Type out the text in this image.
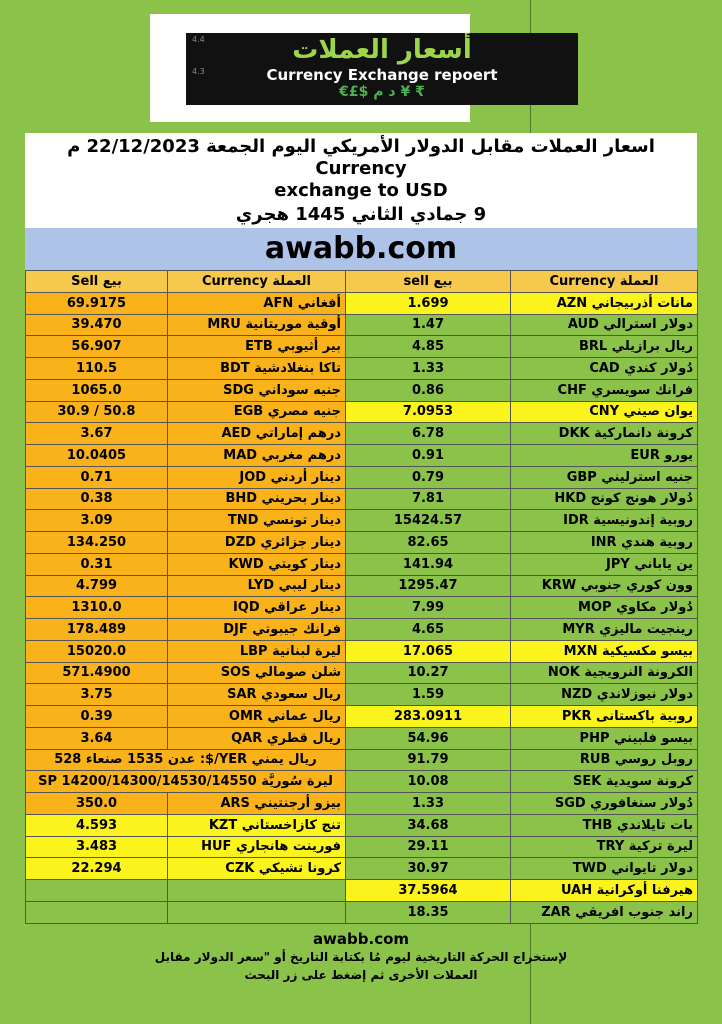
4.4
4.3
أسعار العملات
Currency Exchange repoert
€£$ د م ¥ ₹
اسعار العملات مقابل الدولار الأمريكي اليوم الجمعة 22/12/2023 م Currency
exchange to USD
9 جمادي الثاني 1445 هجري
awabb.com
بيع Sell	العملة Currency	بيع sell	العملة Currency
69.9175	أفغاني AFN	1.699	مانات أذربيجاني AZN
39.470	أوقية موريتانية MRU	1.47	دولار استرالي AUD
56.907	بير أثيوبي ETB	4.85	ريال برازيلي BRL
110.5	تاكا بنغلادشية BDT	1.33	دُولار كندي CAD
1065.0	جنيه سوداني SDG	0.86	فرانك سويسري CHF
30.9 / 50.8	جنيه مصري EGB	7.0953	يوان صيني CNY
3.67	درهم إماراتي AED	6.78	كرونة دانماركية DKK
10.0405	درهم مغربي MAD	0.91	يورو EUR
0.71	دينار أردني JOD	0.79	جنيه استرليني GBP
0.38	دينار بحريني BHD	7.81	دُولار هونج كونج HKD
3.09	دينار تونسي TND	15424.57	روبية إندونيسية IDR
134.250	دينار جزائري DZD	82.65	روبية هندي INR
0.31	دينار كويتي KWD	141.94	ين ياباني JPY
4.799	دينار ليبي LYD	1295.47	وون كوري جنوبي KRW
1310.0	دينار عراقي IQD	7.99	دُولار مكاوي MOP
178.489	فرانك جيبوتي DJF	4.65	رينجيت ماليزي MYR
15020.0	ليرة لبنانية LBP	17.065	بيسو مكسيكية MXN
571.4900	شلن صومالي SOS	10.27	الكرونة النرويجية NOK
3.75	ريال سعودي SAR	1.59	دولار نيوزلاندي NZD
0.39	ريال عماني OMR	283.0911	روبية باكستانى PKR
3.64	ريال قطري QAR	54.96	بيسو فلبيني PHP
ريال يمني YER/$: عدن 1535 صنعاء 528		91.79	روبل روسي RUB
ليرة سُوريَّة 14200/14300/14530/14550 SP		10.08	كرونة سويدية SEK
350.0	بيزو أرجنتيني ARS	1.33	دُولار سنغافوري SGD
4.593	تنج كازاخستاني KZT	34.68	بات تايلاندي THB
3.483	فورينت هانجاري HUF	29.11	ليرة تركية TRY
22.294	كرونا تشيكي CZK	30.97	دولار تايواني TWD
		37.5964	هيرفنا أوكرانية UAH
		18.35	راند جنوب افريقي ZAR
awabb.com
لإستخراج الحركة التاريخية ليوم مُا بكتابة التاريخ أو "سعر الدولار مقابل
العملات الأخرى ثم إضغط على زر البحث
